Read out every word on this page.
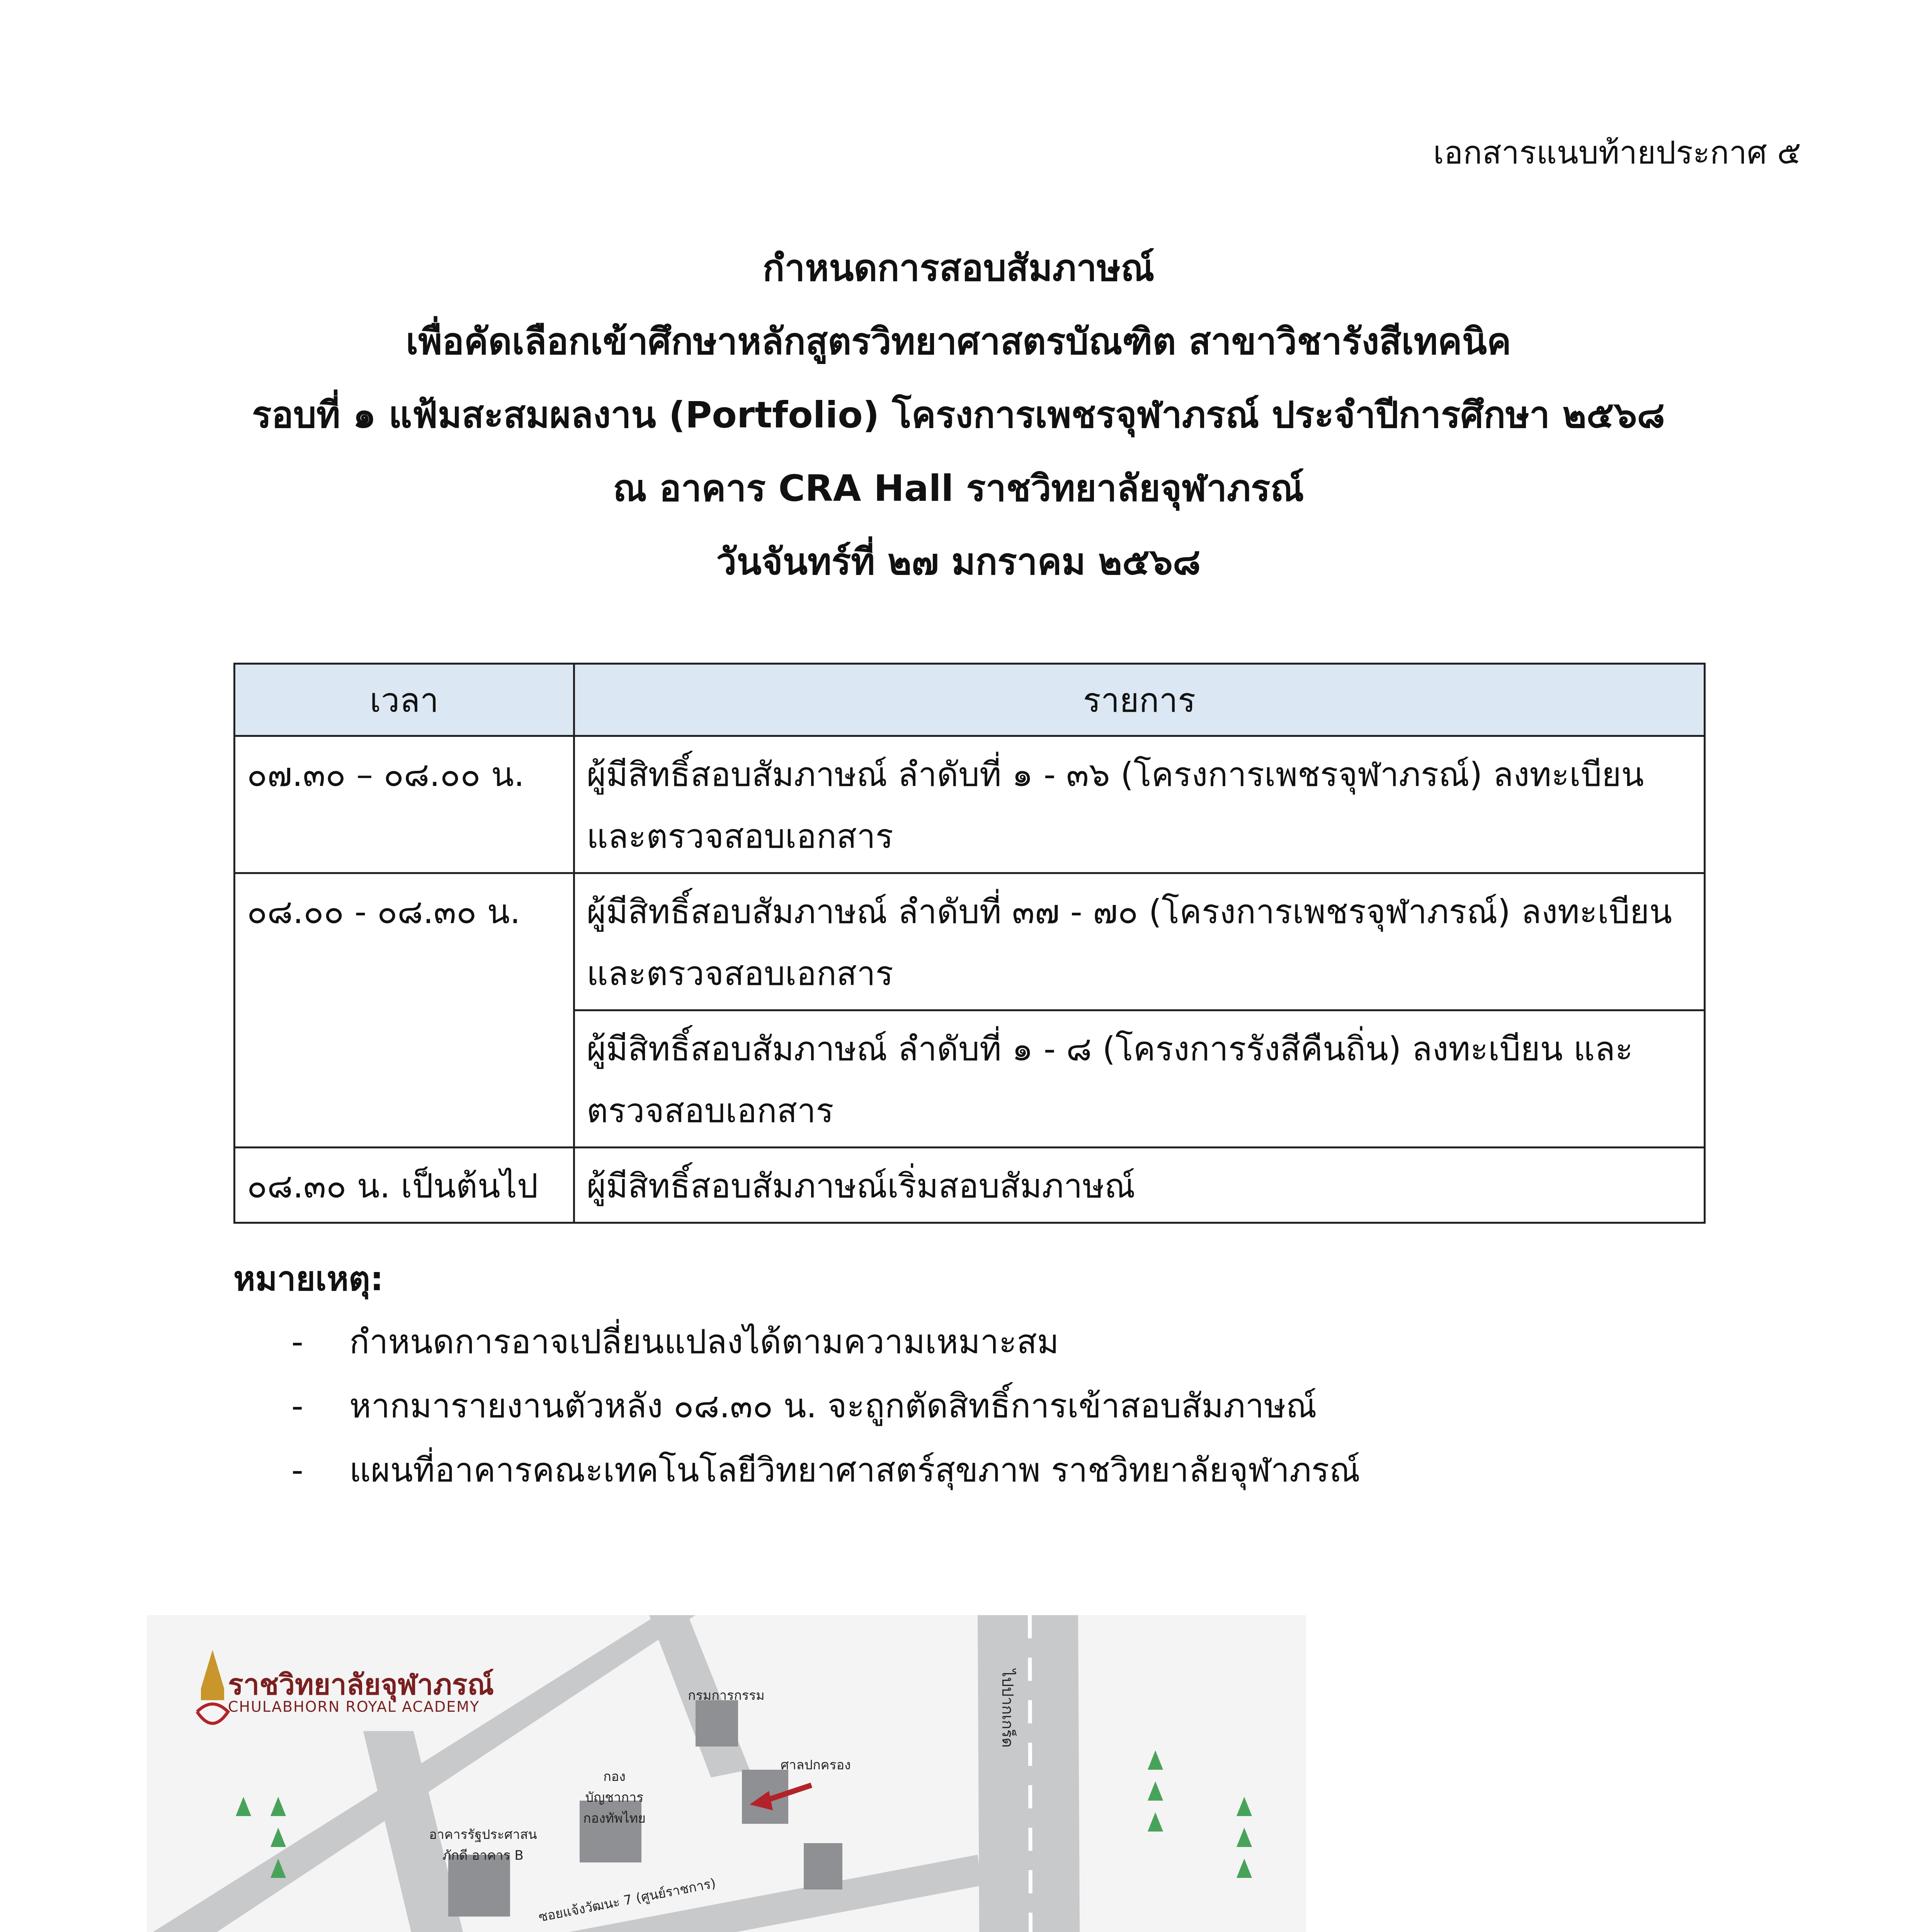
เอกสารแนบท้ายประกาศ ๕
กำหนดการสอบสัมภาษณ์
เพื่อคัดเลือกเข้าศึกษาหลักสูตรวิทยาศาสตรบัณฑิต สาขาวิชารังสีเทคนิค
รอบที่ ๑ แฟ้มสะสมผลงาน (Portfolio) โครงการเพชรจุฬาภรณ์ ประจำปีการศึกษา ๒๕๖๘
ณ อาคาร CRA Hall ราชวิทยาลัยจุฬาภรณ์
วันจันทร์ที่ ๒๗ มกราคม ๒๕๖๘
เวลา	รายการ
๐๗.๓๐ – ๐๘.๐๐ น.	ผู้มีสิทธิ์สอบสัมภาษณ์ ลำดับที่ ๑ - ๓๖ (โครงการเพชรจุฬาภรณ์) ลงทะเบียน และตรวจสอบเอกสาร
๐๘.๐๐ - ๐๘.๓๐ น.	ผู้มีสิทธิ์สอบสัมภาษณ์ ลำดับที่ ๓๗ - ๗๐ (โครงการเพชรจุฬาภรณ์) ลงทะเบียน และตรวจสอบเอกสาร
	ผู้มีสิทธิ์สอบสัมภาษณ์ ลำดับที่ ๑ - ๘ (โครงการรังสีคืนถิ่น) ลงทะเบียน และตรวจสอบเอกสาร
๐๘.๓๐ น. เป็นต้นไป	ผู้มีสิทธิ์สอบสัมภาษณ์เริ่มสอบสัมภาษณ์
หมายเหตุ:
- กำหนดการอาจเปลี่ยนแปลงได้ตามความเหมาะสม
- หากมารายงานตัวหลัง ๐๘.๓๐ น. จะถูกตัดสิทธิ์การเข้าสอบสัมภาษณ์
- แผนที่อาคารคณะเทคโนโลยีวิทยาศาสตร์สุขภาพ ราชวิทยาลัยจุฬาภรณ์
ราชวิทยาลัยจุฬาภรณ์
CHULABHORN ROYAL ACADEMY	ไปปากเกร็ด
ซอยแจ้งวัฒนะ 7 (ศูนย์ราชการ)
กรมการกรรม
ศาลปกครอง
กองบัญชาการ กองทัพไทย
อาคารรัฐประศาสนภักดี อาคาร B
